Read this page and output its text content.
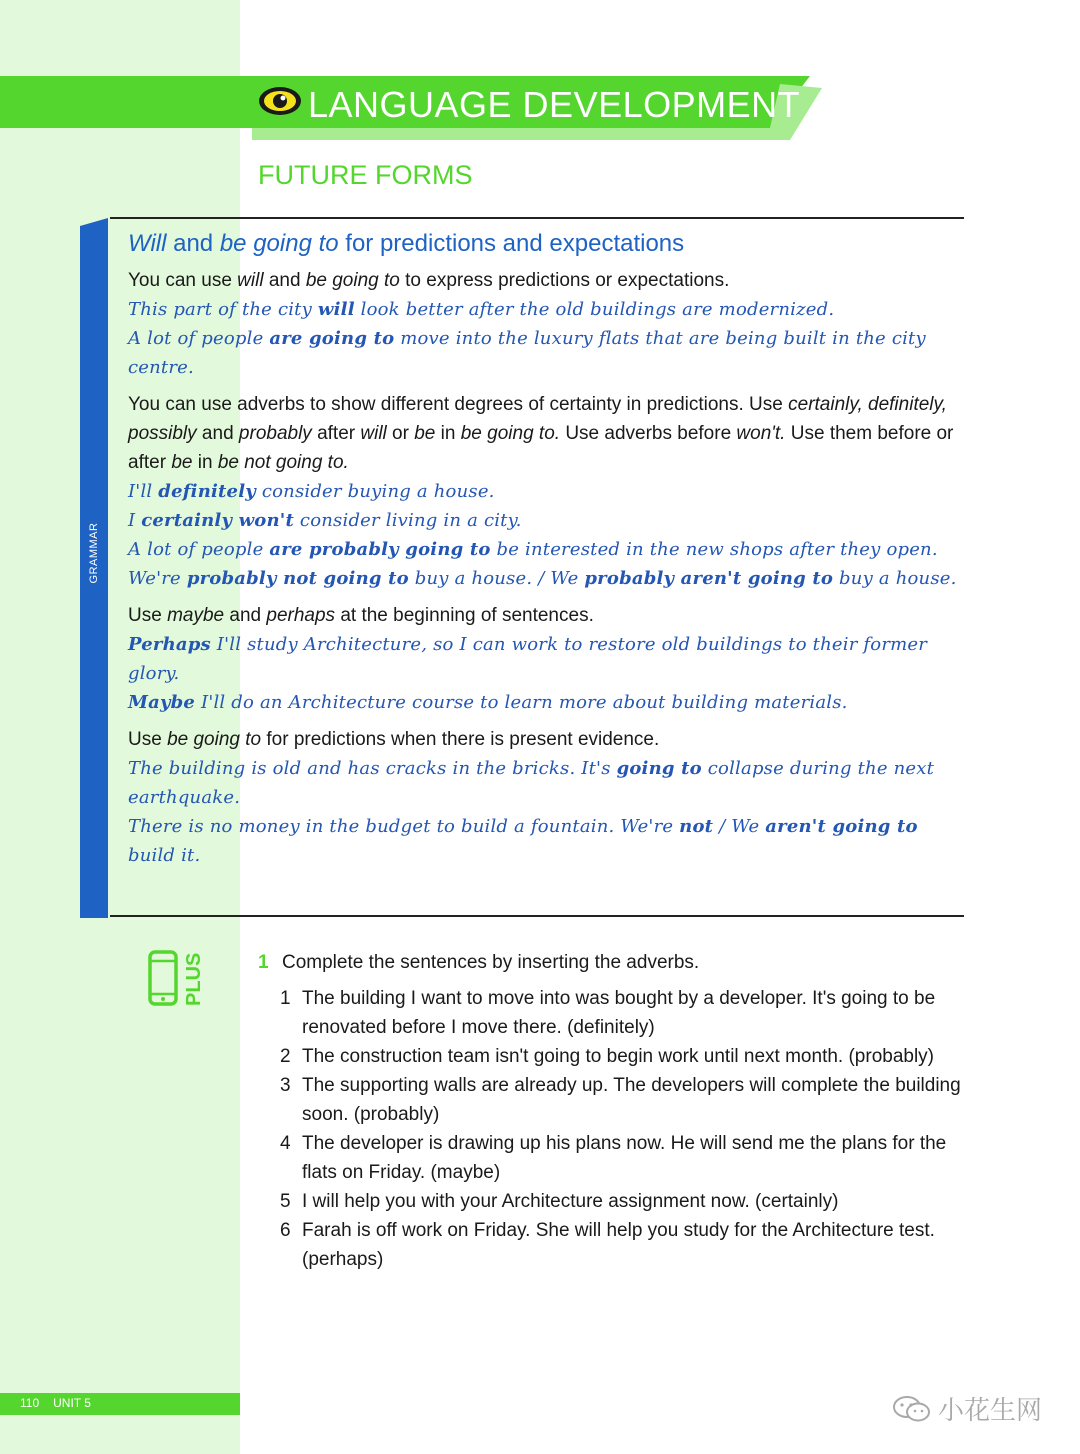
LANGUAGE DEVELOPMENT
FUTURE FORMS
GRAMMAR

Will and be going to for predictions and expectations

You can use will and be going to to express predictions or expectations.

This part of the city will look better after the old buildings are modernized.

A lot of people are going to move into the luxury flats that are being built in the city centre.

You can use adverbs to show different degrees of certainty in predictions. Use certainly, definitely, possibly and probably after will or be in be going to. Use adverbs before won't. Use them before or after be in be not going to.

I'll definitely consider buying a house.

I certainly won't consider living in a city.

A lot of people are probably going to be interested in the new shops after they open.

We're probably not going to buy a house. / We probably aren't going to buy a house.

Use maybe and perhaps at the beginning of sentences.

Perhaps I'll study Architecture, so I can work to restore old buildings to their former glory.

Maybe I'll do an Architecture course to learn more about building materials.

Use be going to for predictions when there is present evidence.

The building is old and has cracks in the bricks. It's going to collapse during the next earthquake.

There is no money in the budget to build a fountain. We're not / We aren't going to build it.

PLUS	1 Complete the sentences by inserting the adverbs.

1 The building I want to move into was bought by a developer. It's going to be renovated before I move there. (definitely)
2 The construction team isn't going to begin work until next month. (probably)
3 The supporting walls are already up. The developers will complete the building soon. (probably)
4 The developer is drawing up his plans now. He will send me the plans for the flats on Friday. (maybe)
5 I will help you with your Architecture assignment now. (certainly)
6 Farah is off work on Friday. She will help you study for the Architecture test. (perhaps)
110 UNIT 5	小花生网
